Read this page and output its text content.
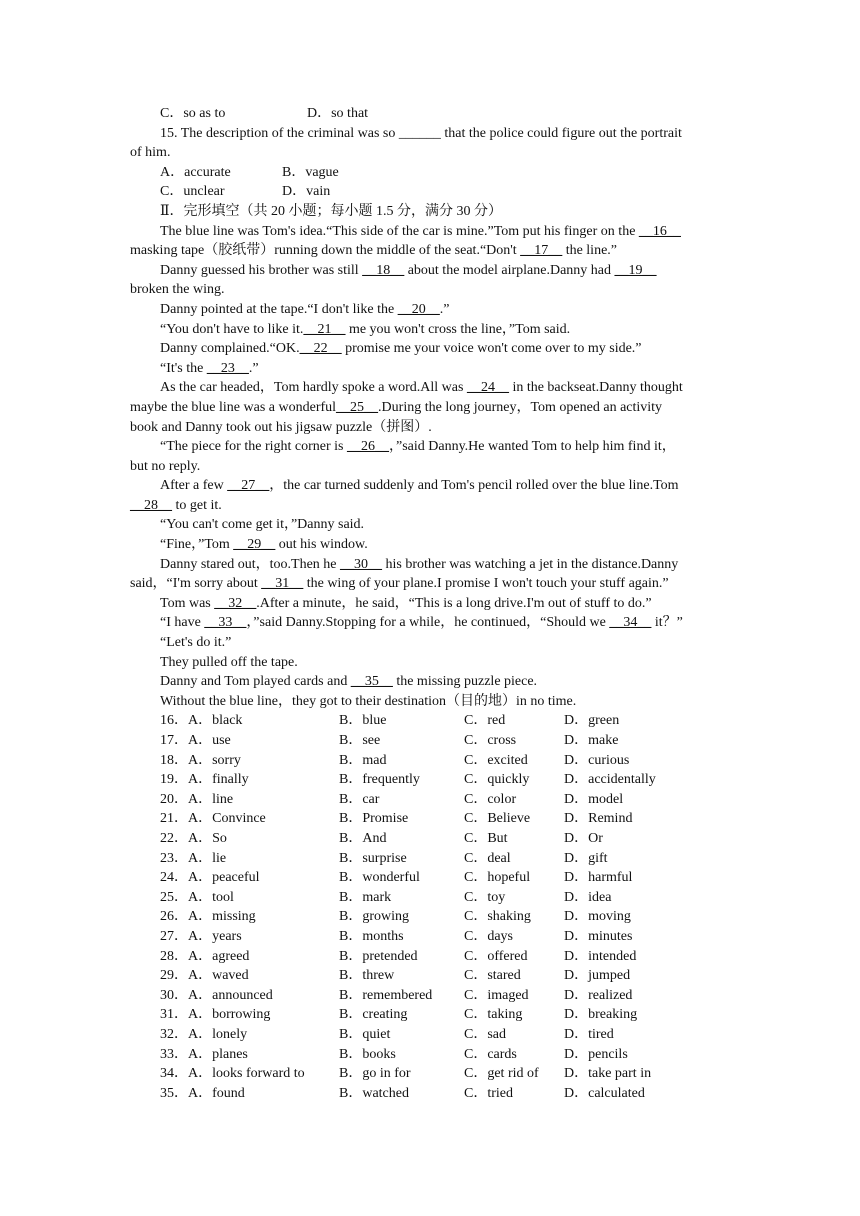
C．so as to	D．so that
15. The description of the criminal was so ______ that the police could figure out the portrait
of him.
A．accurate	B．vague
C．unclear	D．vain
Ⅱ．完形填空（共 20 小题；每小题 1.5 分，满分 30 分）
The blue line was Tom's idea.“This side of the car is mine.”Tom put his finger on the __16__
masking tape（胶纸带）running down the middle of the seat.“Don't __17__ the line.”
Danny guessed his brother was still __18__ about the model airplane.Danny had __19__
broken the wing.
Danny pointed at the tape.“I don't like the __20__.”
“You don't have to like it.__21__ me you won't cross the line，”Tom said.
Danny complained.“OK.__22__ promise me your voice won't come over to my side.”
“It's the __23__.”
As the car headed，Tom hardly spoke a word.All was __24__ in the backseat.Danny thought
maybe the blue line was a wonderful__25__.During the long journey，Tom opened an activity
book and Danny took out his jigsaw puzzle（拼图）.
“The piece for the right corner is __26__，”said Danny.He wanted Tom to help him find it，
but no reply.
After a few __27__，the car turned suddenly and Tom's pencil rolled over the blue line.Tom
__28__ to get it.
“You can't come get it，”Danny said.
“Fine，”Tom __29__ out his window.
Danny stared out，too.Then he __30__ his brother was watching a jet in the distance.Danny
said，“I'm sorry about __31__ the wing of your plane.I promise I won't touch your stuff again.”
Tom was __32__.After a minute，he said，“This is a long drive.I'm out of stuff to do.”
“I have __33__，”said Danny.Stopping for a while，he continued，“Should we __34__ it？”
“Let's do it.”
They pulled off the tape.
Danny and Tom played cards and __35__ the missing puzzle piece.
Without the blue line，they got to their destination（目的地）in no time.
16． A．black	B．blue	C．red	D．green
17． A．use	B．see	C．cross	D．make
18． A．sorry	B．mad	C．excited	D．curious
19． A．finally	B．frequently	C．quickly D．accidentally
20． A．line	B．car	C．color	D．model
21． A．Convince	B．Promise	C．Believe D．Remind
22． A．So	B．And	C．But	D．Or
23． A．lie	B．surprise	C．deal	D．gift
24． A．peaceful	B．wonderful	C．hopeful D．harmful
25． A．tool	B．mark	C．toy	D．idea
26． A．missing	B．growing	C．shaking D．moving
27． A．years	B．months	C．days	D．minutes
28． A．agreed	B．pretended	C．offered	D．intended
29． A．waved	B．threw	C．stared	D．jumped
30． A．announced	B．remembered C．imaged	D．realized
31． A．borrowing	B．creating	C．taking	D．breaking
32． A．lonely	B．quiet	C．sad	D．tired
33． A．planes	B．books	C．cards	D．pencils
34． A．looks forward to B．go in for	C．get rid of D．take part in
35． A．found	B．watched	C．tried	D．calculated
